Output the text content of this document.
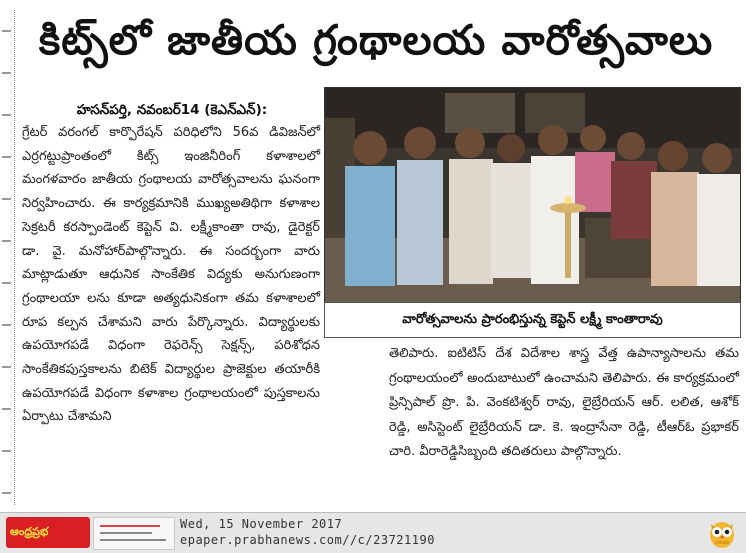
కిట్స్‌లో జాతీయ గ్రంథాలయ వారోత్సవాలు
హసన్‌పర్తి, నవంబర్14 (కెఎన్ఎన్):

గ్రేటర్ వరంగల్ కార్పొరేషన్ పరిధిలోని 56వ డివిజన్‌లో ఎర్రగట్టుప్రాంతంలో కిట్స్ ఇంజినీరింగ్ కళాశాలలో మంగళవారం జాతీయ గ్రంథాలయ వారోత్సవాలను ఘనంగా నిర్వహించారు. ఈ కార్యక్రమానికి ముఖ్యఅతిథిగా కళాశాల సెక్రటరీ కరస్పాండెంట్ కెప్టెన్ వి. లక్ష్మీకాంతా రావు, డైరెక్టర్ డా. వై. మనోహార్‌పాల్గొన్నారు. ఈ సందర్బంగా వారు మాట్లాడుతూ ఆధునిక సాంకేతిక విద్యకు అనుగుణంగా గ్రంథాలయా లను కూడా అత్యధునికంగా తమ కళాశాలలో రూప కల్పన చేశామని వారు పేర్కొన్నారు. విద్యార్థులకు ఉపయోగపడే విధంగా రెఫరెన్స్ సెక్షన్స్, పరిశోధన సాంకేతికపుస్తకాలను బిటెక్ విద్యార్థుల ప్రాజెక్టుల తయారీకి ఉపయోగపడే విధంగా కళాశాల గ్రంథాలయంలో పుస్తకాలను ఏర్పాటు చేశామని

వారోత్సవాలను ప్రారంభిస్తున్న కెప్టెన్ లక్ష్మీ కాంతారావు

తెలిపారు. ఐటిటిస్ దేశ విదేశాల శాస్త్ర వేత్త ఉపాన్యాసాలను తమ గ్రంథాలయంలో అందుబాటులో ఉంచామని తెలిపారు. ఈ కార్యక్రమంలో ప్రిన్సిపాల్ ప్రొ. పి. వెంకటిశ్వర్ రావు, లైబ్రేరియన్ ఆర్. లలిత, ఆశోక్ రెడ్డి, అసిస్టెంట్ లైబ్రేరియన్ డా. కె. ఇంద్రాసేనా రెడ్డి, టీఆర్ఓ ప్రభాకర్ చారి. వీరారెడ్డిసిబ్బంది తదితరులు పాల్గొన్నారు.

ఆంధ్రప్రభ
Wed, 15 November 2017
epaper.prabhanews.com//c/23721190
